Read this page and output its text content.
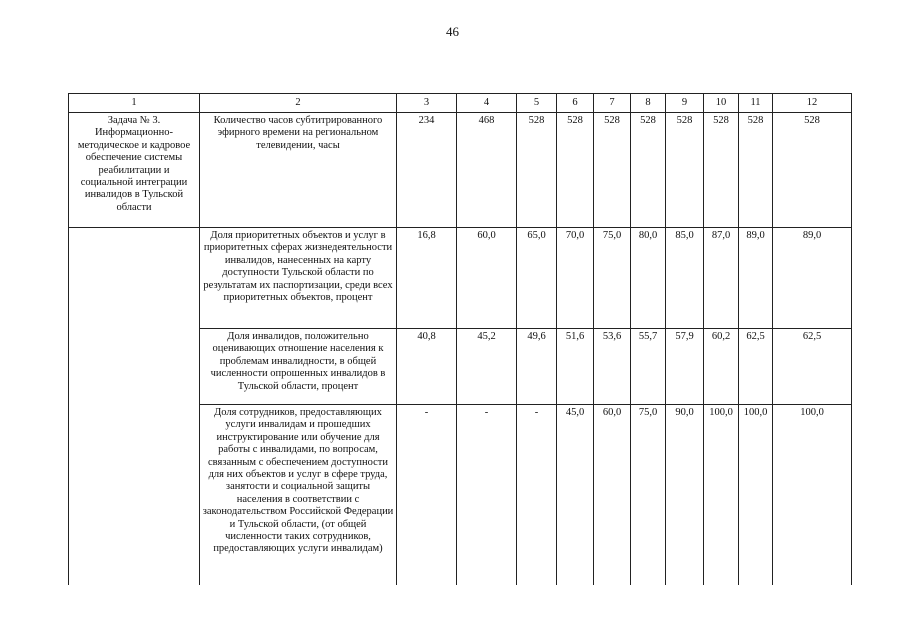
46
1	2	3	4	5	6	7	8	9	10	11	12
Задача № 3. Информационно-методическое и кадровое обеспечение системы реабилитации и социальной интеграции инвалидов в Тульской области	Количество часов субтитрированного эфирного времени на региональном телевидении, часы	234	468	528	528	528	528	528	528	528	528
	Доля приоритетных объектов и услуг в приоритетных сферах жизнедеятельности инвалидов, нанесенных на карту доступности Тульской области по результатам их паспортизации, среди всех приоритетных объектов, процент	16,8	60,0	65,0	70,0	75,0	80,0	85,0	87,0	89,0	89,0
	Доля инвалидов, положительно оценивающих отношение населения к проблемам инвалидности, в общей численности опрошенных инвалидов в Тульской области, процент	40,8	45,2	49,6	51,6	53,6	55,7	57,9	60,2	62,5	62,5
	Доля сотрудников, предоставляющих услуги инвалидам и прошедших инструктирование или обучение для работы с инвалидами, по вопросам, связанным с обеспечением доступности для них объектов и услуг в сфере труда, занятости и социальной защиты населения в соответствии с законодательством Российской Федерации и Тульской области, (от общей численности таких сотрудников, предоставляющих услуги инвалидам)	-	-	-	45,0	60,0	75,0	90,0	100,0	100,0	100,0
